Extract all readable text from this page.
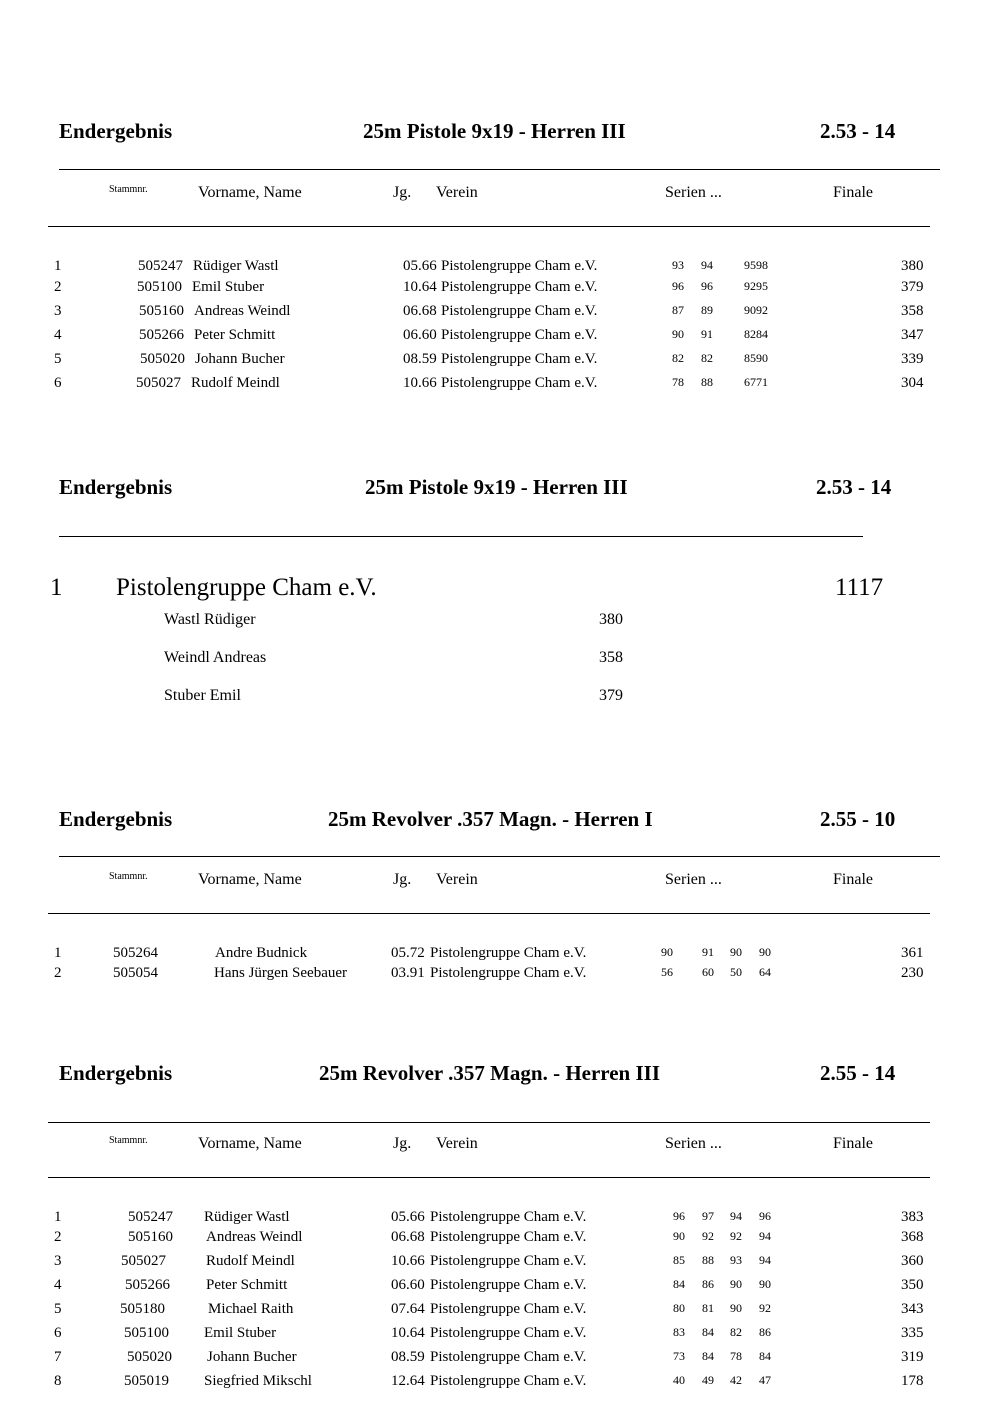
Endergebnis	25m Pistole 9x19 - Herren III	2.53 - 14
Stammnr.	Vorname, Name	Jg. Verein	Serien ...	Finale
1	505247 Rüdiger Wastl	05.66 Pistolengruppe Cham e.V.	93 94	9598	380
2	505100 Emil Stuber	10.64 Pistolengruppe Cham e.V.	96 96	9295	379
3	505160 Andreas Weindl	06.68 Pistolengruppe Cham e.V.	87 89	9092	358
4	505266 Peter Schmitt	06.60 Pistolengruppe Cham e.V.	90 91	8284	347
5	505020 Johann Bucher	08.59 Pistolengruppe Cham e.V.	82 82	8590	339
6	505027 Rudolf Meindl	10.66 Pistolengruppe Cham e.V.	78 88	6771	304
Endergebnis	25m Pistole 9x19 - Herren III	2.53 - 14
1 Pistolengruppe Cham e.V.	1117
Wastl Rüdiger	380
Weindl Andreas	358
Stuber Emil	379
Endergebnis	25m Revolver .357 Magn. - Herren I	2.55 - 10
Stammnr.	Vorname, Name	Jg. Verein	Serien ...	Finale
1	505264	Andre Budnick	05.72 Pistolengruppe Cham e.V.	90 91 90 90	361
2	505054	Hans Jürgen Seebauer	03.91 Pistolengruppe Cham e.V.	56 60 50 64	230
Endergebnis	25m Revolver .357 Magn. - Herren III	2.55 - 14
Stammnr.	Vorname, Name	Jg. Verein	Serien ...	Finale
1	505247 Rüdiger Wastl	05.66 Pistolengruppe Cham e.V.	96 97 94 96	383
2	505160 Andreas Weindl	06.68 Pistolengruppe Cham e.V.	90 92 92 94	368
3	505027	Rudolf Meindl	10.66 Pistolengruppe Cham e.V.	85 88 93 94	360
4	505266 Peter Schmitt	06.60 Pistolengruppe Cham e.V.	84 86 90 90	350
5	505180	Michael Raith	07.64 Pistolengruppe Cham e.V.	80 81 90 92	343
6	505100 Emil Stuber	10.64 Pistolengruppe Cham e.V.	83 84 82 86	335
7	505020 Johann Bucher	08.59 Pistolengruppe Cham e.V.	73 84 78 84	319
8	505019 Siegfried Mikschl	12.64 Pistolengruppe Cham e.V.	40 49 42 47	178
